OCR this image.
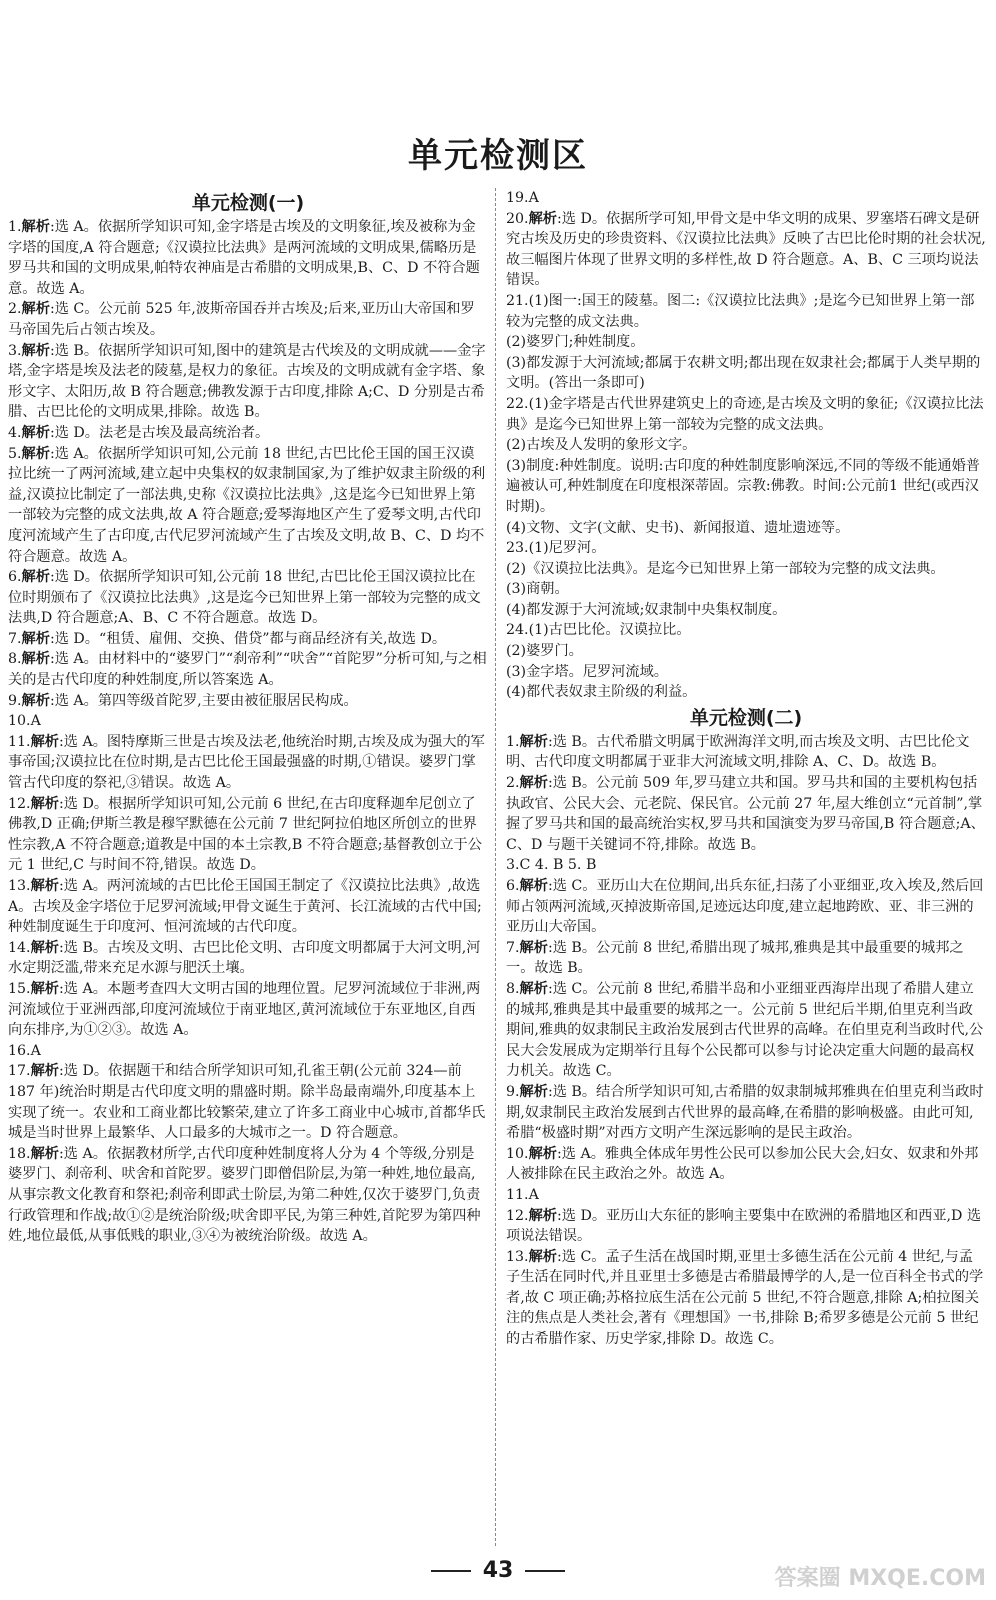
单元检测区
单元检测(一)

1.解析:选 A。依据所学知识可知,金字塔是古埃及的文明象征,埃及被称为金字塔的国度,A 符合题意;《汉谟拉比法典》是两河流域的文明成果,儒略历是罗马共和国的文明成果,帕特农神庙是古希腊的文明成果,B、C、D 不符合题意。故选 A。

2.解析:选 C。公元前 525 年,波斯帝国吞并古埃及;后来,亚历山大帝国和罗马帝国先后占领古埃及。

3.解析:选 B。依据所学知识可知,图中的建筑是古代埃及的文明成就——金字塔,金字塔是埃及法老的陵墓,是权力的象征。古埃及的文明成就有金字塔、象形文字、太阳历,故 B 符合题意;佛教发源于古印度,排除 A;C、D 分别是古希腊、古巴比伦的文明成果,排除。故选 B。

4.解析:选 D。法老是古埃及最高统治者。

5.解析:选 A。依据所学知识可知,公元前 18 世纪,古巴比伦王国的国王汉谟拉比统一了两河流域,建立起中央集权的奴隶制国家,为了维护奴隶主阶级的利益,汉谟拉比制定了一部法典,史称《汉谟拉比法典》,这是迄今已知世界上第一部较为完整的成文法典,故 A 符合题意;爱琴海地区产生了爱琴文明,古代印度河流域产生了古印度,古代尼罗河流域产生了古埃及文明,故 B、C、D 均不符合题意。故选 A。

6.解析:选 D。依据所学知识可知,公元前 18 世纪,古巴比伦王国汉谟拉比在位时期颁布了《汉谟拉比法典》,这是迄今已知世界上第一部较为完整的成文法典,D 符合题意;A、B、C 不符合题意。故选 D。

7.解析:选 D。“租赁、雇佣、交换、借贷”都与商品经济有关,故选 D。

8.解析:选 A。由材料中的“婆罗门”“刹帝利”“吠舍”“首陀罗”分析可知,与之相关的是古代印度的种姓制度,所以答案选 A。

9.解析:选 A。第四等级首陀罗,主要由被征服居民构成。

10.A

11.解析:选 A。图特摩斯三世是古埃及法老,他统治时期,古埃及成为强大的军事帝国;汉谟拉比在位时期,是古巴比伦王国最强盛的时期,①错误。婆罗门掌管古代印度的祭祀,③错误。故选 A。

12.解析:选 D。根据所学知识可知,公元前 6 世纪,在古印度释迦牟尼创立了佛教,D 正确;伊斯兰教是穆罕默德在公元前 7 世纪阿拉伯地区所创立的世界性宗教,A 不符合题意;道教是中国的本土宗教,B 不符合题意;基督教创立于公元 1 世纪,C 与时间不符,错误。故选 D。

13.解析:选 A。两河流域的古巴比伦王国国王制定了《汉谟拉比法典》,故选 A。古埃及金字塔位于尼罗河流域;甲骨文诞生于黄河、长江流域的古代中国;种姓制度诞生于印度河、恒河流域的古代印度。

14.解析:选 B。古埃及文明、古巴比伦文明、古印度文明都属于大河文明,河水定期泛滥,带来充足水源与肥沃土壤。

15.解析:选 A。本题考查四大文明古国的地理位置。尼罗河流域位于非洲,两河流域位于亚洲西部,印度河流域位于南亚地区,黄河流域位于东亚地区,自西向东排序,为①②③。故选 A。

16.A

17.解析:选 D。依据题干和结合所学知识可知,孔雀王朝(公元前 324—前 187 年)统治时期是古代印度文明的鼎盛时期。除半岛最南端外,印度基本上实现了统一。农业和工商业都比较繁荣,建立了许多工商业中心城市,首都华氏城是当时世界上最繁华、人口最多的大城市之一。D 符合题意。

18.解析:选 A。依据教材所学,古代印度种姓制度将人分为 4 个等级,分别是婆罗门、刹帝利、吠舍和首陀罗。婆罗门即僧侣阶层,为第一种姓,地位最高,从事宗教文化教育和祭祀;刹帝利即武士阶层,为第二种姓,仅次于婆罗门,负责行政管理和作战;故①②是统治阶级;吠舍即平民,为第三种姓,首陀罗为第四种姓,地位最低,从事低贱的职业,③④为被统治阶级。故选 A。

19.A

20.解析:选 D。依据所学可知,甲骨文是中华文明的成果、罗塞塔石碑文是研究古埃及历史的珍贵资料、《汉谟拉比法典》反映了古巴比伦时期的社会状况,故三幅图片体现了世界文明的多样性,故 D 符合题意。A、B、C 三项均说法错误。

21.(1)图一:国王的陵墓。图二:《汉谟拉比法典》;是迄今已知世界上第一部较为完整的成文法典。

(2)婆罗门;种姓制度。

(3)都发源于大河流域;都属于农耕文明;都出现在奴隶社会;都属于人类早期的文明。(答出一条即可)

22.(1)金字塔是古代世界建筑史上的奇迹,是古埃及文明的象征;《汉谟拉比法典》是迄今已知世界上第一部较为完整的成文法典。

(2)古埃及人发明的象形文字。

(3)制度:种姓制度。说明:古印度的种姓制度影响深远,不同的等级不能通婚普遍被认可,种姓制度在印度根深蒂固。宗教:佛教。时间:公元前1 世纪(或西汉时期)。

(4)文物、文字(文献、史书)、新闻报道、遗址遗迹等。

23.(1)尼罗河。

(2)《汉谟拉比法典》。是迄今已知世界上第一部较为完整的成文法典。

(3)商朝。

(4)都发源于大河流域;奴隶制中央集权制度。

24.(1)古巴比伦。汉谟拉比。

(2)婆罗门。

(3)金字塔。尼罗河流域。

(4)都代表奴隶主阶级的利益。

单元检测(二)

1.解析:选 B。古代希腊文明属于欧洲海洋文明,而古埃及文明、古巴比伦文明、古代印度文明都属于亚非大河流域文明,排除 A、C、D。故选 B。

2.解析:选 B。公元前 509 年,罗马建立共和国。罗马共和国的主要机构包括执政官、公民大会、元老院、保民官。公元前 27 年,屋大维创立“元首制”,掌握了罗马共和国的最高统治实权,罗马共和国演变为罗马帝国,B 符合题意;A、C、D 与题干关键词不符,排除。故选 B。

3.C 4. B 5. B

6.解析:选 C。亚历山大在位期间,出兵东征,扫荡了小亚细亚,攻入埃及,然后回师占领两河流域,灭掉波斯帝国,足迹远达印度,建立起地跨欧、亚、非三洲的亚历山大帝国。

7.解析:选 B。公元前 8 世纪,希腊出现了城邦,雅典是其中最重要的城邦之一。故选 B。

8.解析:选 C。公元前 8 世纪,希腊半岛和小亚细亚西海岸出现了希腊人建立的城邦,雅典是其中最重要的城邦之一。公元前 5 世纪后半期,伯里克利当政期间,雅典的奴隶制民主政治发展到古代世界的高峰。在伯里克利当政时代,公民大会发展成为定期举行且每个公民都可以参与讨论决定重大问题的最高权力机关。故选 C。

9.解析:选 B。结合所学知识可知,古希腊的奴隶制城邦雅典在伯里克利当政时期,奴隶制民主政治发展到古代世界的最高峰,在希腊的影响极盛。由此可知,希腊“极盛时期”对西方文明产生深远影响的是民主政治。

10.解析:选 A。雅典全体成年男性公民可以参加公民大会,妇女、奴隶和外邦人被排除在民主政治之外。故选 A。

11.A

12.解析:选 D。亚历山大东征的影响主要集中在欧洲的希腊地区和西亚,D 选项说法错误。

13.解析:选 C。孟子生活在战国时期,亚里士多德生活在公元前 4 世纪,与孟子生活在同时代,并且亚里士多德是古希腊最博学的人,是一位百科全书式的学者,故 C 项正确;苏格拉底生活在公元前 5 世纪,不符合题意,排除 A;柏拉图关注的焦点是人类社会,著有《理想国》一书,排除 B;希罗多德是公元前 5 世纪的古希腊作家、历史学家,排除 D。故选 C。

43	答案圈 MXQE.COM
